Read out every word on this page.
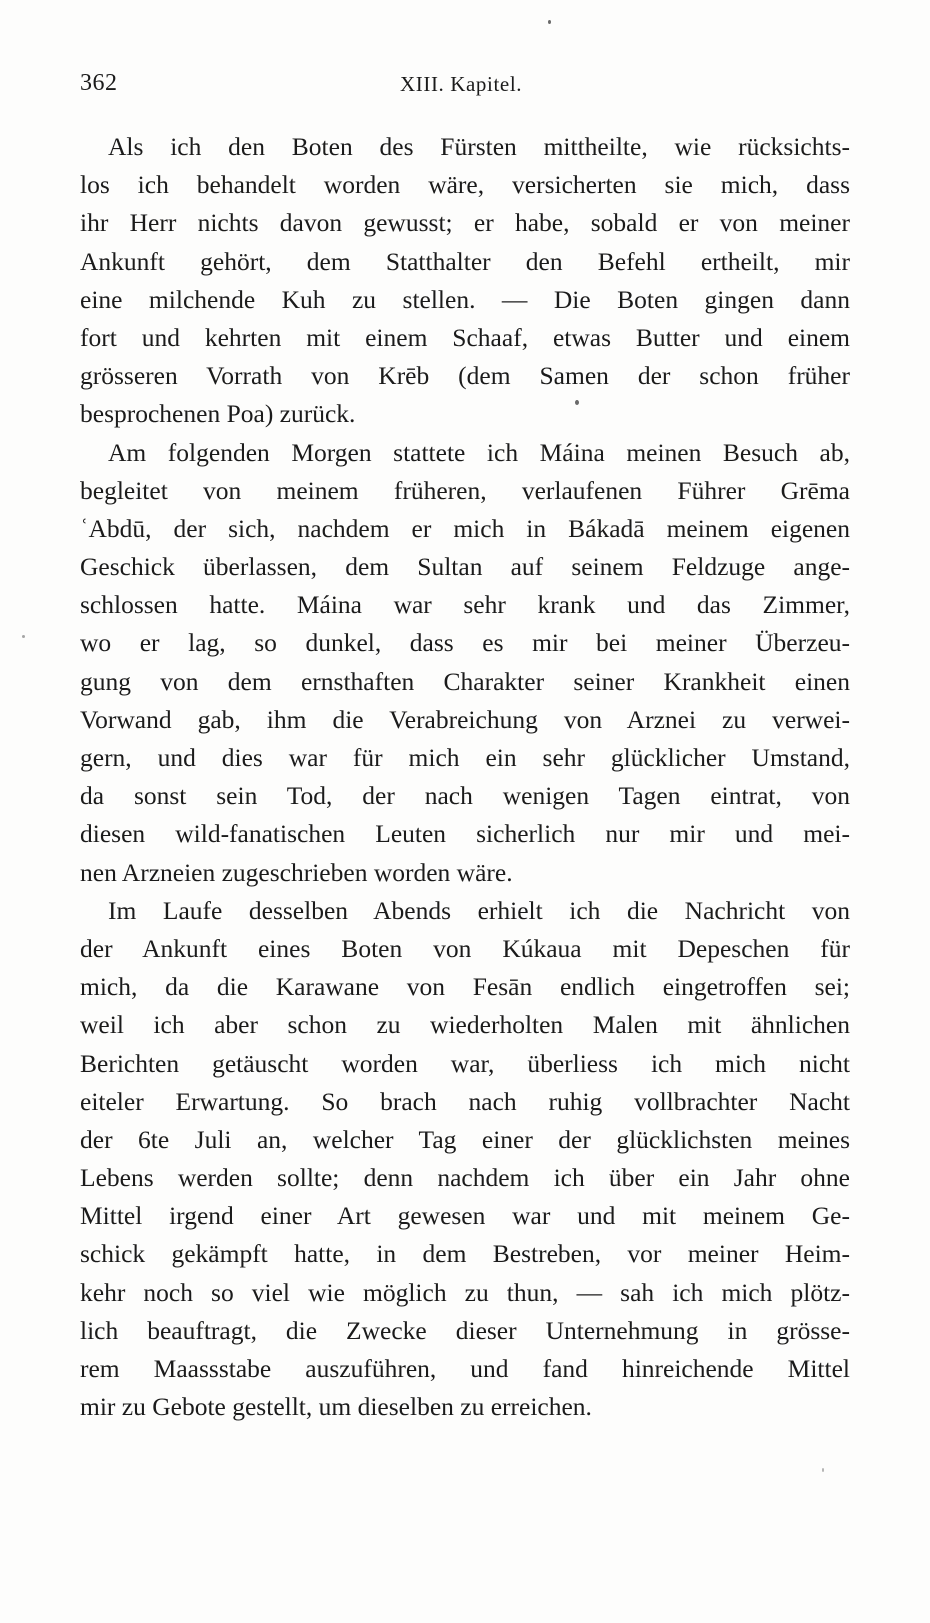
362	XIII. Kapitel.
Als ich den Boten des Fürsten mittheilte, wie rücksichts-
los ich behandelt worden wäre, versicherten sie mich, dass
ihr Herr nichts davon gewusst; er habe, sobald er von meiner
Ankunft gehört, dem Statthalter den Befehl ertheilt, mir
eine milchende Kuh zu stellen. — Die Boten gingen dann
fort und kehrten mit einem Schaaf, etwas Butter und einem
grösseren Vorrath von Krēb (dem Samen der schon früher
besprochenen Poa) zurück.
Am folgenden Morgen stattete ich Máina meinen Besuch ab,
begleitet von meinem früheren, verlaufenen Führer Grēma
ʿAbdū, der sich, nachdem er mich in Bákadā meinem eigenen
Geschick überlassen, dem Sultan auf seinem Feldzuge ange-
schlossen hatte. Máina war sehr krank und das Zimmer,
wo er lag, so dunkel, dass es mir bei meiner Überzeu-
gung von dem ernsthaften Charakter seiner Krankheit einen
Vorwand gab, ihm die Verabreichung von Arznei zu verwei-
gern, und dies war für mich ein sehr glücklicher Umstand,
da sonst sein Tod, der nach wenigen Tagen eintrat, von
diesen wild-fanatischen Leuten sicherlich nur mir und mei-
nen Arzneien zugeschrieben worden wäre.
Im Laufe desselben Abends erhielt ich die Nachricht von
der Ankunft eines Boten von Kúkaua mit Depeschen für
mich, da die Karawane von Fesān endlich eingetroffen sei;
weil ich aber schon zu wiederholten Malen mit ähnlichen
Berichten getäuscht worden war, überliess ich mich nicht
eiteler Erwartung. So brach nach ruhig vollbrachter Nacht
der 6te Juli an, welcher Tag einer der glücklichsten meines
Lebens werden sollte; denn nachdem ich über ein Jahr ohne
Mittel irgend einer Art gewesen war und mit meinem Ge-
schick gekämpft hatte, in dem Bestreben, vor meiner Heim-
kehr noch so viel wie möglich zu thun, — sah ich mich plötz-
lich beauftragt, die Zwecke dieser Unternehmung in grösse-
rem Maassstabe auszuführen, und fand hinreichende Mittel
mir zu Gebote gestellt, um dieselben zu erreichen.
